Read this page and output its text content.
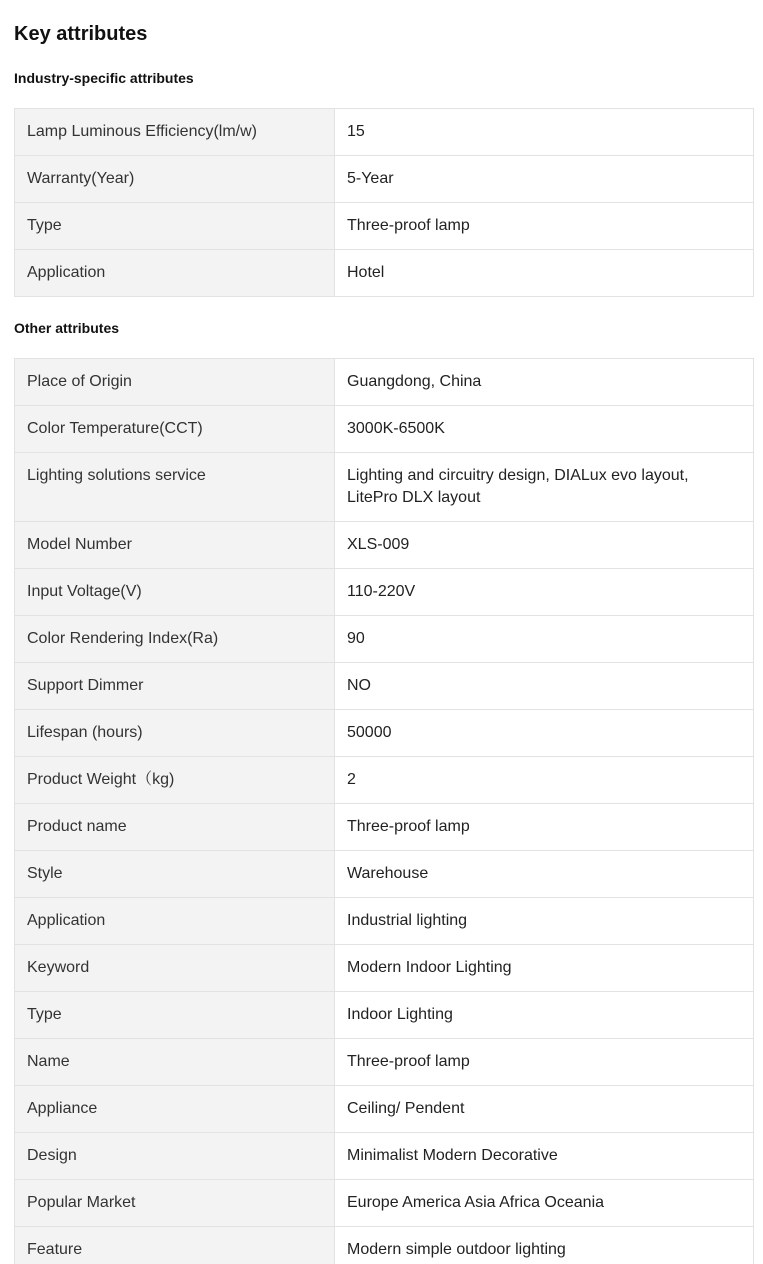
Key attributes
Industry-specific attributes
Lamp Luminous Efficiency(lm/w)	15
Warranty(Year)	5-Year
Type	Three-proof lamp
Application	Hotel
Other attributes
Place of Origin	Guangdong, China
Color Temperature(CCT)	3000K-6500K
Lighting solutions service	Lighting and circuitry design, DIALux evo layout, LitePro DLX layout
Model Number	XLS-009
Input Voltage(V)	110-220V
Color Rendering Index(Ra)	90
Support Dimmer	NO
Lifespan (hours)	50000
Product Weight（kg)	2
Product name	Three-proof lamp
Style	Warehouse
Application	Industrial lighting
Keyword	Modern Indoor Lighting
Type	Indoor Lighting
Name	Three-proof lamp
Appliance	Ceiling/ Pendent
Design	Minimalist Modern Decorative
Popular Market	Europe America Asia Africa Oceania
Feature	Modern simple outdoor lighting
